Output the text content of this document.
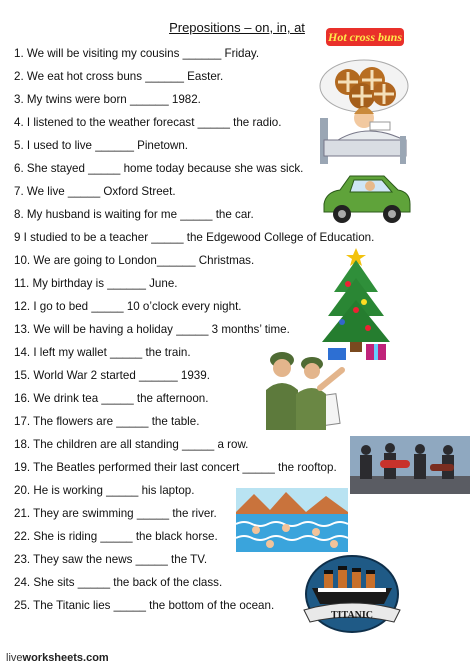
Prepositions – on, in, at
1. We will be visiting my cousins ______ Friday.
2. We eat hot cross buns ______ Easter.
3. My twins were born ______ 1982.
4. I listened to the weather forecast _____ the radio.
5. I used to live ______ Pinetown.
6. She stayed _____ home today because she was sick.
7. We live _____ Oxford Street.
8. My husband is waiting for me _____ the car.
9 I studied to be a teacher _____ the Edgewood College of Education.
10. We are going to London______ Christmas.
11. My birthday is ______ June.
12. I go to bed _____ 10 o’clock every night.
13. We will be having a holiday _____ 3 months’ time.
14. I left my wallet _____ the train.
15. World War 2 started ______ 1939.
16. We drink tea _____ the afternoon.
17. The flowers are _____ the table.
18. The children are all standing _____ a row.
19. The Beatles performed their last concert _____ the rooftop.
20. He is working _____ his laptop.
21. They are swimming _____ the river.
22. She is riding _____ the black horse.
23. They saw the news _____ the TV.
24. She sits _____ the back of the class.
25. The Titanic lies _____ the bottom of the ocean.
Hot cross buns
TITANIC
liveworksheets.com
